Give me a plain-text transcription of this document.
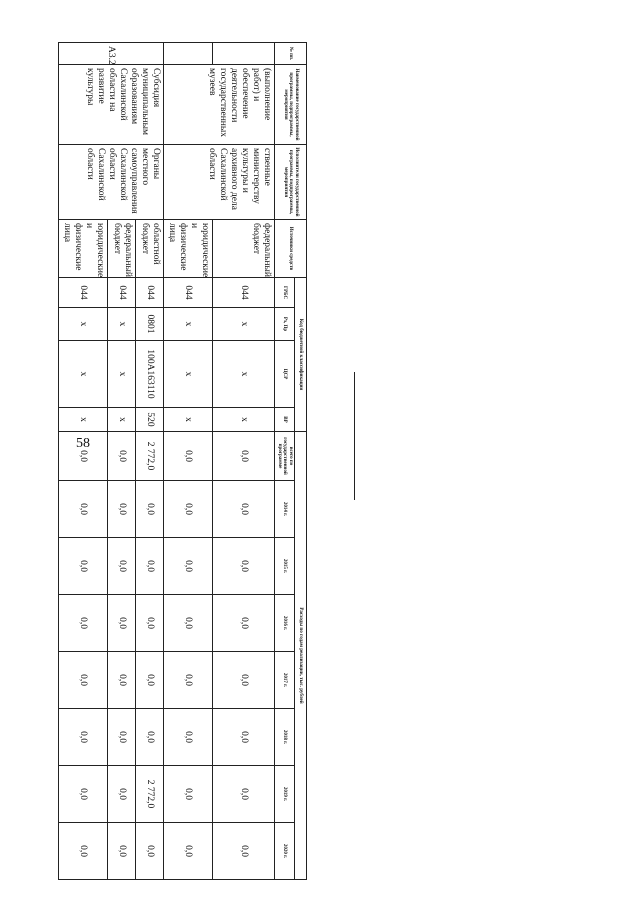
58
№ пп.	Наименование государственной программы, подпрограммы, мероприятия	Исполнители государственной программы, подпрограммы, мероприятия	Источники средств	Код бюджетной классификации				Расходы по годам реализации, тыс. рублей							
				ГРБС	Рз, Пр	ЦСР	ВР	всего по государственной программе	2014 г.	2015 г.	2016 г.	2017 г.	2018 г.	2019 г.	2020 г.
	(выполнение работ) и обеспечение деятельности государственных музеев	ственные министерству культуры и архивного дела Сахалинской области	федеральный бюджет	044	х	х	х	0,0	0,0	0,0	0,0	0,0	0,0	0,0	0,0
			юридические и физические лица	044	х	х	х	0,0	0,0	0,0	0,0	0,0	0,0	0,0	0,0
А3.2	Субсидия муниципальным образованиям Сахалинской области на развитие культуры	Органы местного самоуправления Сахалинской области Сахалинской области	областной бюджет	044	0801	100А163110	520	2 772,0	0,0	0,0	0,0	0,0	0,0	2 772,0	0,0
			федеральный бюджет	044	х	х	х	0,0	0,0	0,0	0,0	0,0	0,0	0,0	0,0
			юридические и физические лица	044	х	х	х	0,0	0,0	0,0	0,0	0,0	0,0	0,0	0,0
